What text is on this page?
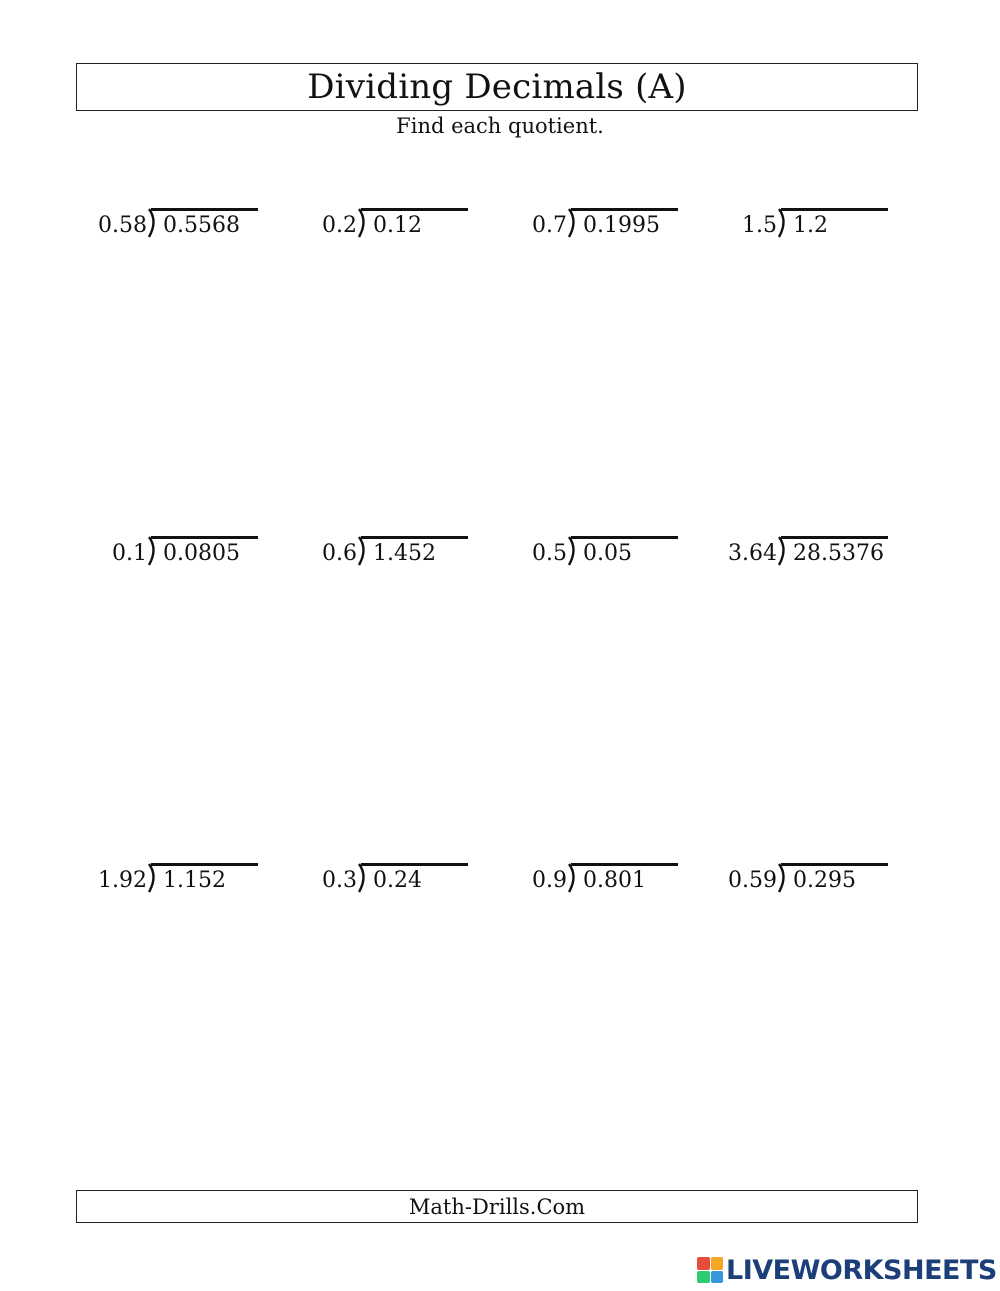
Dividing Decimals (A)
Find each quotient.
0.58 0.5568	0.2 0.12	0.7 0.1995	1.5 1.2
0.1 0.0805	0.6 1.452	0.5 0.05	3.64 28.5376
1.92 1.152	0.3 0.24	0.9 0.801	0.59 0.295
Math-Drills.Com
LIVEWORKSHEETS
